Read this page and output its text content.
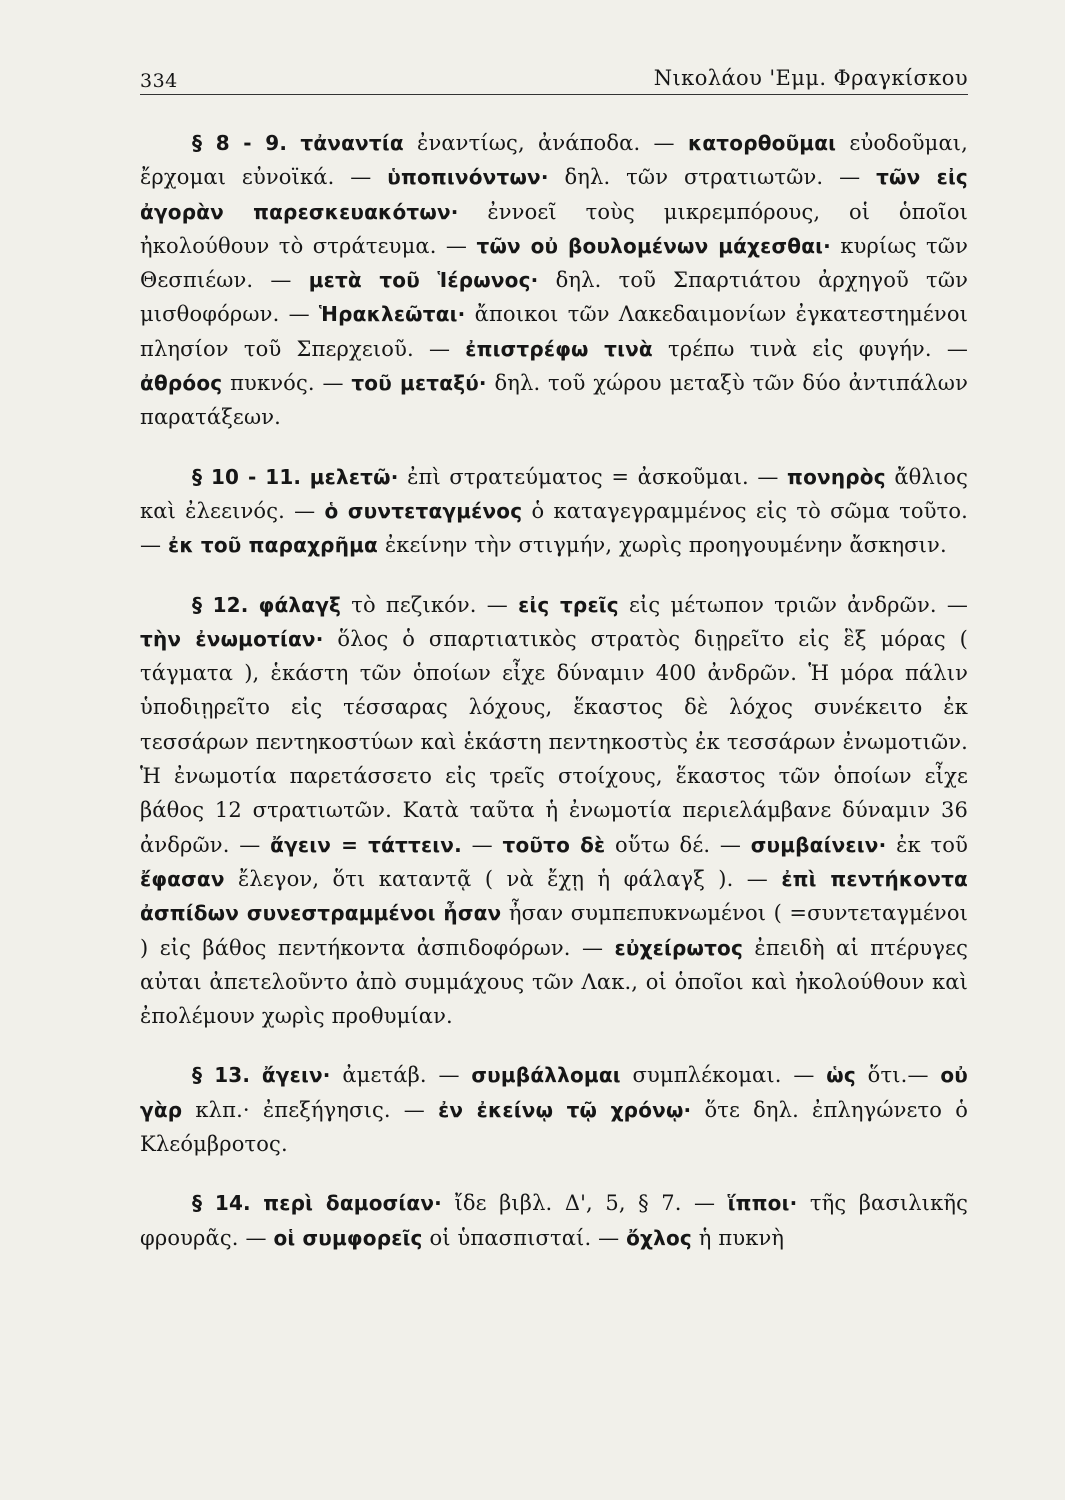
334	Νικολάου 'Εμμ. Φραγκίσκου

§ 8 - 9. τἀναντία ἐναντίως, ἀνάποδα. — κατορθοῦμαι εὐοδοῦμαι, ἔρχομαι εὐνοϊκά. — ὑποπινόντων· δηλ. τῶν στρατιωτῶν. — τῶν εἰς ἀγορὰν παρεσκευακότων· ἐννοεῖ τοὺς μικρεμπόρους, οἱ ὁποῖοι ἠκολούθουν τὸ στράτευμα. — τῶν οὐ βουλομένων μάχεσθαι· κυρίως τῶν Θεσπιέων. — μετὰ τοῦ Ἱέρωνος· δηλ. τοῦ Σπαρτιάτου ἀρχηγοῦ τῶν μισθοφόρων. — Ἡρακλεῶται· ἄποικοι τῶν Λακεδαιμονίων ἐγκατεστημένοι πλησίον τοῦ Σπερχειοῦ. — ἐπιστρέφω τινὰ τρέπω τινὰ εἰς φυγήν. — ἀθρόος πυκνός. — τοῦ μεταξύ· δηλ. τοῦ χώρου μεταξὺ τῶν δύο ἀντιπάλων παρατάξεων.

§ 10 - 11. μελετῶ· ἐπὶ στρατεύματος = ἀσκοῦμαι. — πονηρὸς ἄθλιος καὶ ἐλεεινός. — ὁ συντεταγμένος ὁ καταγεγραμμένος εἰς τὸ σῶμα τοῦτο. — ἐκ τοῦ παραχρῆμα ἐκείνην τὴν στιγμήν, χωρὶς προηγουμένην ἄσκησιν.

§ 12. φάλαγξ τὸ πεζικόν. — εἰς τρεῖς εἰς μέτωπον τριῶν ἀνδρῶν. — τὴν ἐνωμοτίαν· ὅλος ὁ σπαρτιατικὸς στρατὸς διῃρεῖτο εἰς ἓξ μόρας ( τάγματα ), ἑκάστη τῶν ὁποίων εἶχε δύναμιν 400 ἀνδρῶν. Ἡ μόρα πάλιν ὑποδιῃρεῖτο εἰς τέσσαρας λόχους, ἕκαστος δὲ λόχος συνέκειτο ἐκ τεσσάρων πεντηκοστύων καὶ ἑκάστη πεντηκοστὺς ἐκ τεσσάρων ἐνωμοτιῶν. Ἡ ἐνωμοτία παρετάσσετο εἰς τρεῖς στοίχους, ἕκαστος τῶν ὁποίων εἶχε βάθος 12 στρατιωτῶν. Κατὰ ταῦτα ἡ ἐνωμοτία περιελάμβανε δύναμιν 36 ἀνδρῶν. — ἄγειν = τάττειν. — τοῦτο δὲ οὕτω δέ. — συμβαίνειν· ἐκ τοῦ ἔφασαν ἔλεγον, ὅτι καταντᾷ ( νὰ ἔχῃ ἡ φάλαγξ ). — ἐπὶ πεντήκοντα ἀσπίδων συνεστραμμένοι ἦσαν ἦσαν συμπεπυκνωμένοι ( =συντεταγμένοι ) εἰς βάθος πεντήκοντα ἀσπιδοφόρων. — εὐχείρωτος ἐπειδὴ αἱ πτέρυγες αὐται ἀπετελοῦντο ἀπὸ συμμάχους τῶν Λακ., οἱ ὁποῖοι καὶ ἠκολούθουν καὶ ἐπολέμουν χωρὶς προθυμίαν.

§ 13. ἄγειν· ἀμετάβ. — συμβάλλομαι συμπλέκομαι. — ὡς ὅτι.— οὐ γὰρ κλπ.· ἐπεξήγησις. — ἐν ἐκείνῳ τῷ χρόνῳ· ὅτε δηλ. ἐπληγώνετο ὁ Κλεόμβροτος.

§ 14. περὶ δαμοσίαν· ἴδε βιβλ. Δ', 5, § 7. — ἵπποι· τῆς βασιλικῆς φρουρᾶς. — οἱ συμφορεῖς οἱ ὑπασπισταί. — ὄχλος ἡ πυκνὴ
